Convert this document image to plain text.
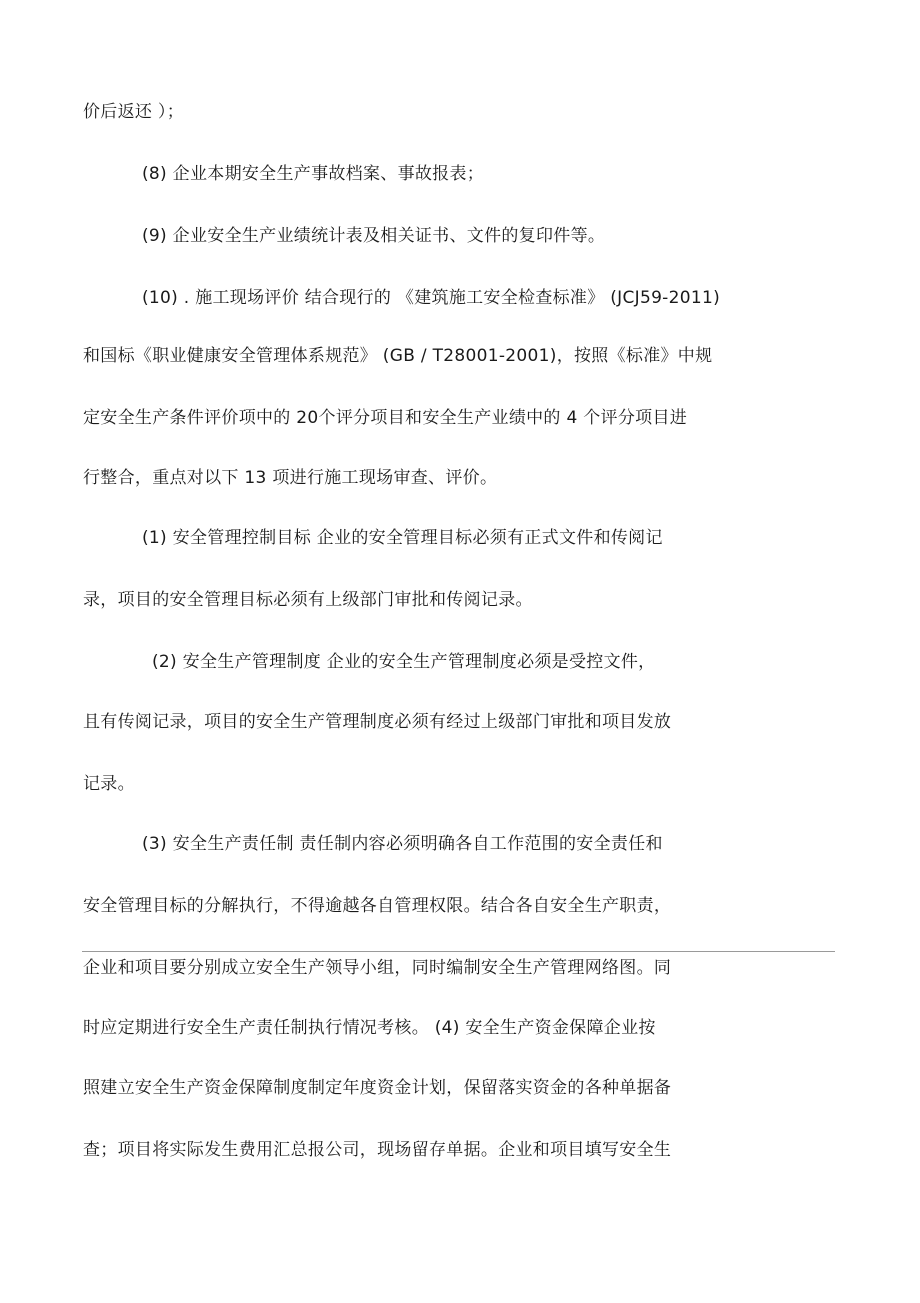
价后返还 ）；
(8) 企业本期安全生产事故档案、事故报表；
(9) 企业安全生产业绩统计表及相关证书、文件的复印件等。
(10) . 施工现场评价 结合现行的 《建筑施工安全检查标准》 (JCJ59-2011)
和国标《职业健康安全管理体系规范》 (GB / T28001-2001)，按照《标准》中规
定安全生产条件评价项中的 20个评分项目和安全生产业绩中的 4 个评分项目进
行整合，重点对以下 13 项进行施工现场审查、评价。
(1) 安全管理控制目标 企业的安全管理目标必须有正式文件和传阅记
录，项目的安全管理目标必须有上级部门审批和传阅记录。
(2) 安全生产管理制度 企业的安全生产管理制度必须是受控文件，
且有传阅记录，项目的安全生产管理制度必须有经过上级部门审批和项目发放
记录。
(3) 安全生产责任制 责任制内容必须明确各自工作范围的安全责任和
安全管理目标的分解执行，不得逾越各自管理权限。结合各自安全生产职责，
企业和项目要分别成立安全生产领导小组，同时编制安全生产管理网络图。同
时应定期进行安全生产责任制执行情况考核。 (4) 安全生产资金保障企业按
照建立安全生产资金保障制度制定年度资金计划，保留落实资金的各种单据备
查；项目将实际发生费用汇总报公司，现场留存单据。企业和项目填写安全生
